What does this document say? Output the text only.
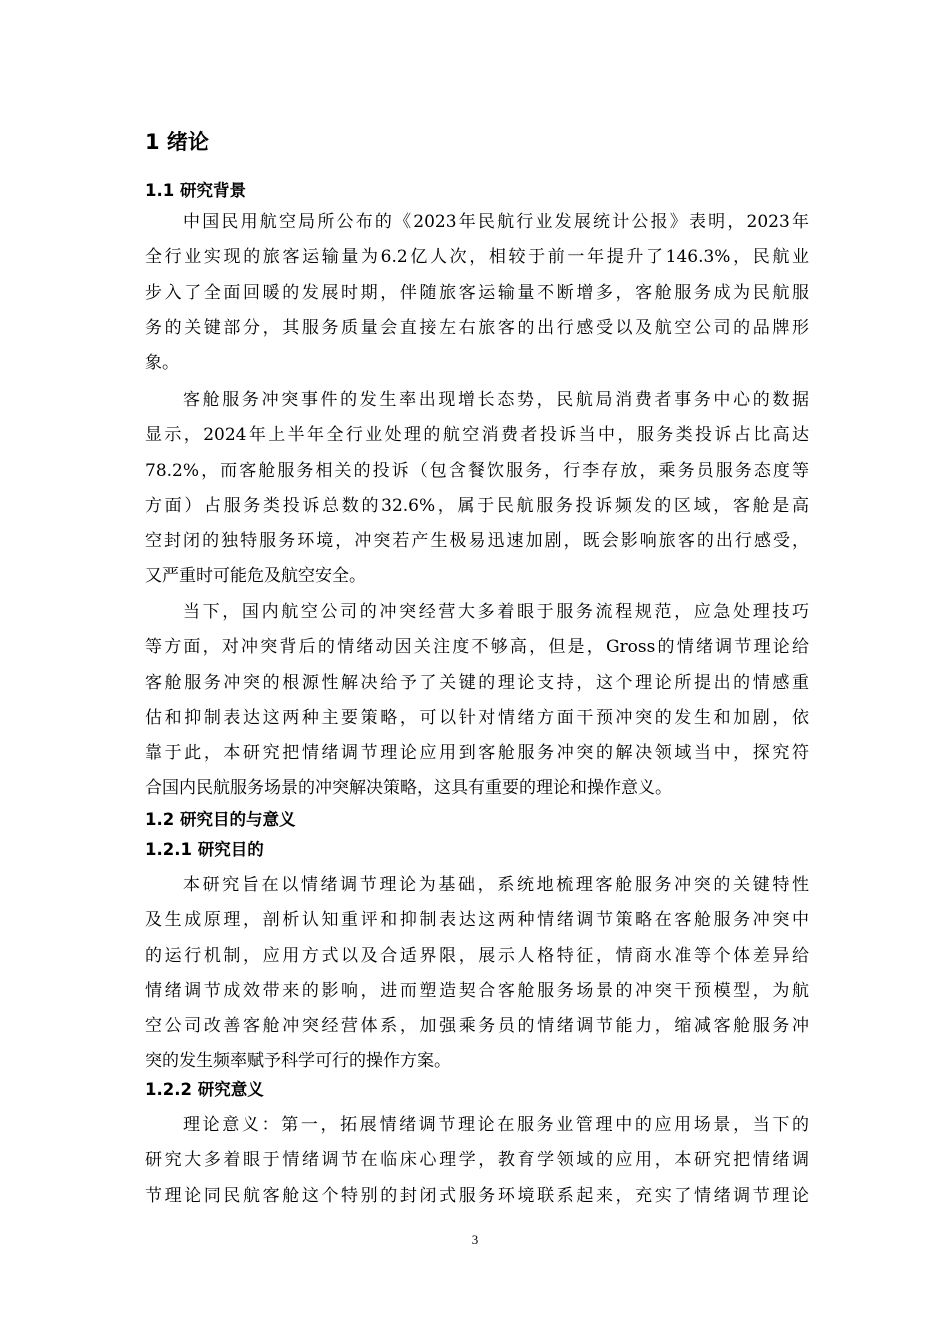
1 绪论
1.1 研究背景
中国民用航空局所公布的《2023年民航行业发展统计公报》表明，2023年
全行业实现的旅客运输量为6.2亿人次，相较于前一年提升了146.3%，民航业
步入了全面回暖的发展时期，伴随旅客运输量不断增多，客舱服务成为民航服
务的关键部分，其服务质量会直接左右旅客的出行感受以及航空公司的品牌形
象。
客舱服务冲突事件的发生率出现增长态势，民航局消费者事务中心的数据
显示，2024年上半年全行业处理的航空消费者投诉当中，服务类投诉占比高达
78.2%，而客舱服务相关的投诉（包含餐饮服务，行李存放，乘务员服务态度等
方面）占服务类投诉总数的32.6%，属于民航服务投诉频发的区域，客舱是高
空封闭的独特服务环境，冲突若产生极易迅速加剧，既会影响旅客的出行感受，
又严重时可能危及航空安全。
当下，国内航空公司的冲突经营大多着眼于服务流程规范，应急处理技巧
等方面，对冲突背后的情绪动因关注度不够高，但是，Gross的情绪调节理论给
客舱服务冲突的根源性解决给予了关键的理论支持，这个理论所提出的情感重
估和抑制表达这两种主要策略，可以针对情绪方面干预冲突的发生和加剧，依
靠于此，本研究把情绪调节理论应用到客舱服务冲突的解决领域当中，探究符
合国内民航服务场景的冲突解决策略，这具有重要的理论和操作意义。
1.2 研究目的与意义
1.2.1 研究目的
本研究旨在以情绪调节理论为基础，系统地梳理客舱服务冲突的关键特性
及生成原理，剖析认知重评和抑制表达这两种情绪调节策略在客舱服务冲突中
的运行机制，应用方式以及合适界限，展示人格特征，情商水准等个体差异给
情绪调节成效带来的影响，进而塑造契合客舱服务场景的冲突干预模型，为航
空公司改善客舱冲突经营体系，加强乘务员的情绪调节能力，缩减客舱服务冲
突的发生频率赋予科学可行的操作方案。
1.2.2 研究意义
理论意义：第一，拓展情绪调节理论在服务业管理中的应用场景，当下的
研究大多着眼于情绪调节在临床心理学，教育学领域的应用，本研究把情绪调
节理论同民航客舱这个特别的封闭式服务环境联系起来，充实了情绪调节理论
3
